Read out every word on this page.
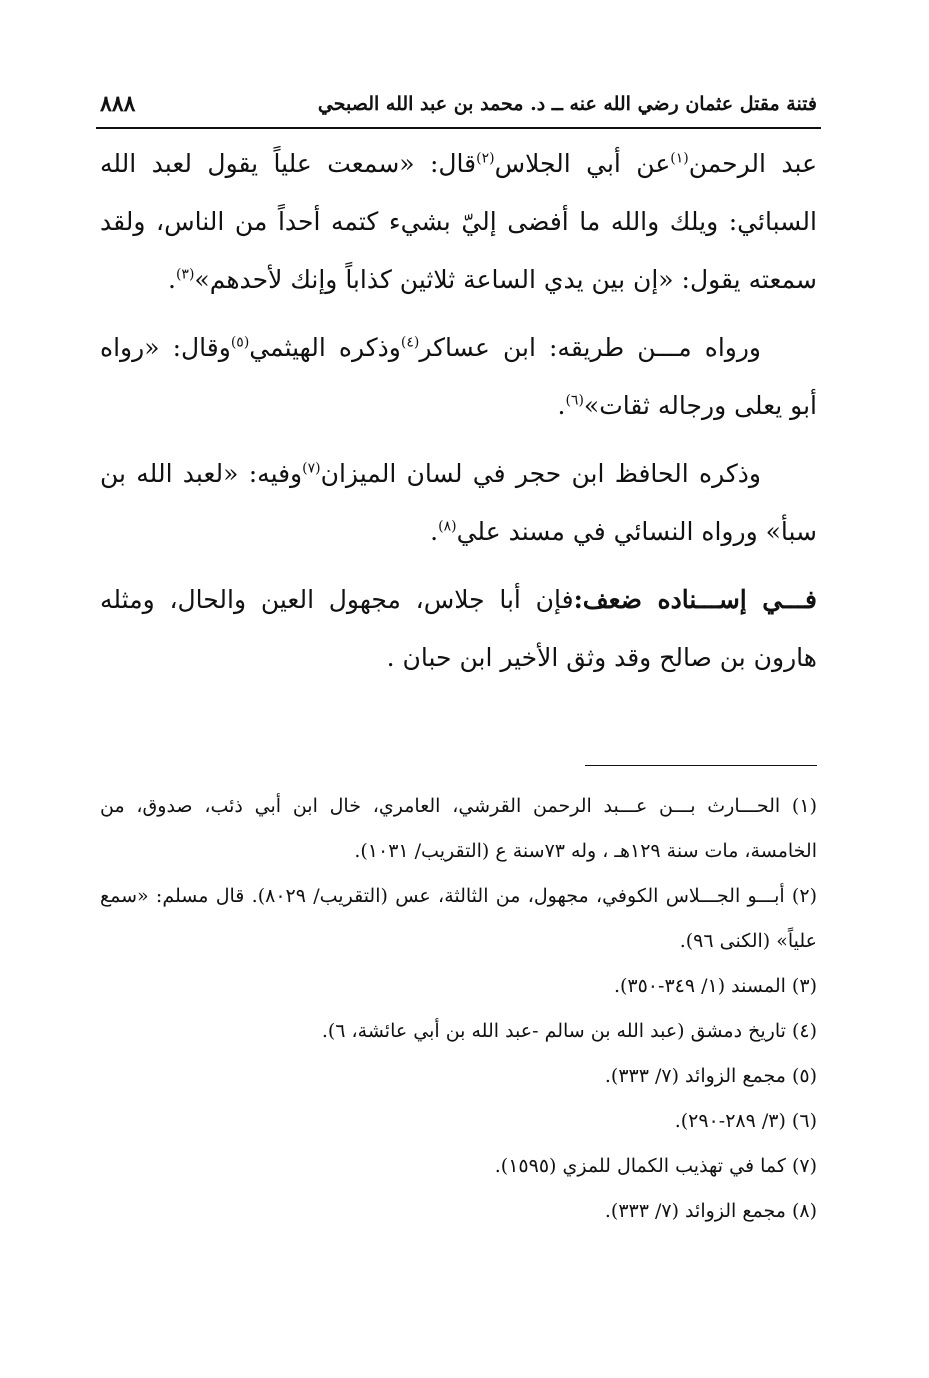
فتنة مقتل عثمان رضي الله عنه ــ د. محمد بن عبد الله الصبحي
٨٨٨

عبد الرحمن$^{(١)}$عن أبي الجلاس$^{(٢)}$قال: «سمعت علياً يقول لعبد الله السبائي: ويلك والله ما أفضى إليّ بشيء كتمه أحداً من الناس، ولقد سمعته يقول: «إن بين يدي الساعة ثلاثين كذاباً وإنك لأحدهم»$^{(٣)}$.

ورواه مـــن طريقه: ابن عساكر$^{(٤)}$وذكره الهيثمي$^{(٥)}$وقال: «رواه أبو يعلى ورجاله ثقات»$^{(٦)}$.

وذكره الحافظ ابن حجر في لسان الميزان$^{(٧)}$وفيه: «لعبد الله بن سبأ» ورواه النسائي في مسند علي$^{(٨)}$.

فـــي إســـناده ضعف:فإن أبا جلاس، مجهول العين والحال، ومثله هارون بن صالح وقد وثق الأخير ابن حبان .

(١) الحـــارث بـــن عـــبد الرحمن القرشي، العامري، خال ابن أبي ذئب، صدوق، من الخامسة، مات سنة ١٢٩هـ ، وله ٧٣سنة ع (التقريب/ ١٠٣١).

(٢) أبـــو الجـــلاس الكوفي، مجهول، من الثالثة، عس (التقريب/ ٨٠٢٩). قال مسلم: «سمع علياً» (الكنى ٩٦).

(٣) المسند (١/ ٣٤٩-٣٥٠).

(٤) تاريخ دمشق (عبد الله بن سالم -عبد الله بن أبي عائشة، ٦).

(٥) مجمع الزوائد (٧/ ٣٣٣).

(٦) (٣/ ٢٨٩-٢٩٠).

(٧) كما في تهذيب الكمال للمزي (١٥٩٥).

(٨) مجمع الزوائد (٧/ ٣٣٣).
